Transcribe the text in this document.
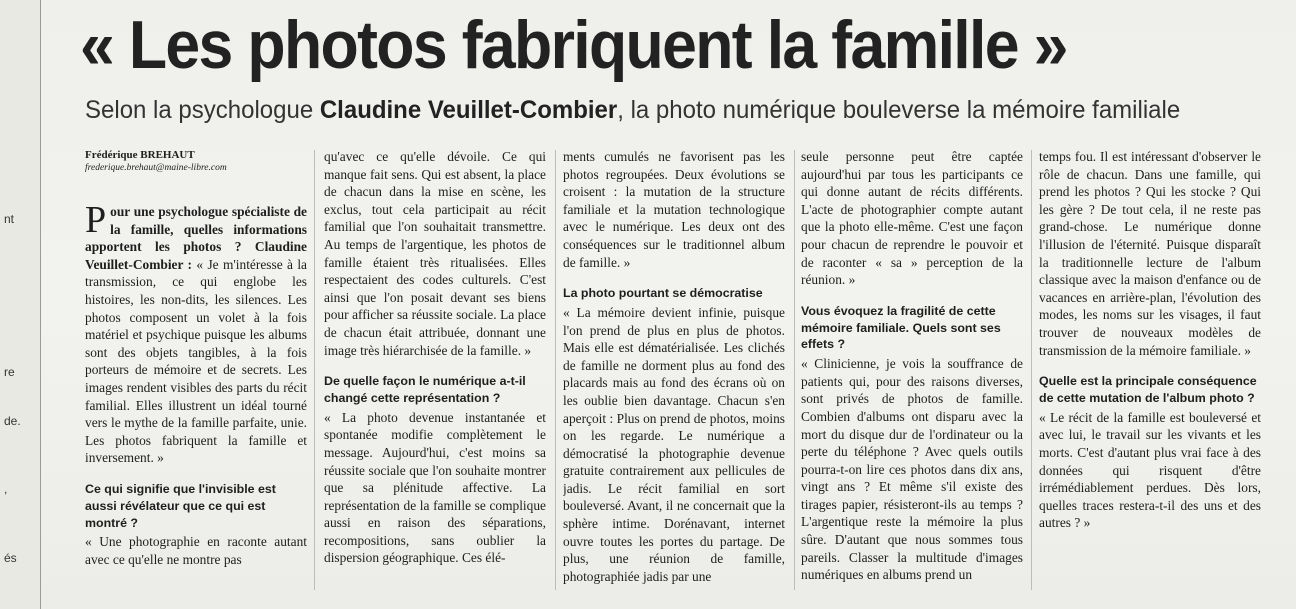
nt
re
de.
,
és
« Les photos fabriquent la famille »
Selon la psychologue Claudine Veuillet-Combier, la photo numérique bouleverse la mémoire familiale

Frédérique BREHAUT

frederique.brehaut@maine-libre.com

Pour une psychologue spécialiste de la famille, quelles informations apportent les photos ? Claudine Veuillet-Combier : « Je m'intéresse à la transmission, ce qui englobe les histoires, les non-dits, les silences. Les photos composent un volet à la fois matériel et psychique puisque les albums sont des objets tangibles, à la fois porteurs de mémoire et de secrets. Les images rendent visibles des parts du récit familial. Elles illustrent un idéal tourné vers le mythe de la famille parfaite, unie. Les photos fabriquent la famille et inversement. »

Ce qui signifie que l'invisible est aussi révélateur que ce qui est montré ?

« Une photographie en raconte autant avec ce qu'elle ne montre pas

qu'avec ce qu'elle dévoile. Ce qui manque fait sens. Qui est absent, la place de chacun dans la mise en scène, les exclus, tout cela participait au récit familial que l'on souhaitait transmettre. Au temps de l'argentique, les photos de famille étaient très ritualisées. Elles respectaient des codes culturels. C'est ainsi que l'on posait devant ses biens pour afficher sa réussite sociale. La place de chacun était attribuée, donnant une image très hiérarchisée de la famille. »

De quelle façon le numérique a-t-il changé cette représentation ?

« La photo devenue instantanée et spontanée modifie complètement le message. Aujourd'hui, c'est moins sa réussite sociale que l'on souhaite montrer que sa plénitude affective. La représentation de la famille se complique aussi en raison des séparations, recompositions, sans oublier la dispersion géographique. Ces élé-

ments cumulés ne favorisent pas les photos regroupées. Deux évolutions se croisent : la mutation de la structure familiale et la mutation technologique avec le numérique. Les deux ont des conséquences sur le traditionnel album de famille. »

La photo pourtant se démocratise

« La mémoire devient infinie, puisque l'on prend de plus en plus de photos. Mais elle est dématérialisée. Les clichés de famille ne dorment plus au fond des placards mais au fond des écrans où on les oublie bien davantage. Chacun s'en aperçoit : Plus on prend de photos, moins on les regarde. Le numérique a démocratisé la photographie devenue gratuite contrairement aux pellicules de jadis. Le récit familial en sort bouleversé. Avant, il ne concernait que la sphère intime. Dorénavant, internet ouvre toutes les portes du partage. De plus, une réunion de famille, photographiée jadis par une

seule personne peut être captée aujourd'hui par tous les participants ce qui donne autant de récits différents. L'acte de photographier compte autant que la photo elle-même. C'est une façon pour chacun de reprendre le pouvoir et de raconter « sa » perception de la réunion. »

Vous évoquez la fragilité de cette mémoire familiale. Quels sont ses effets ?

« Clinicienne, je vois la souffrance de patients qui, pour des raisons diverses, sont privés de photos de famille. Combien d'albums ont disparu avec la mort du disque dur de l'ordinateur ou la perte du téléphone ? Avec quels outils pourra-t-on lire ces photos dans dix ans, vingt ans ? Et même s'il existe des tirages papier, résisteront-ils au temps ? L'argentique reste la mémoire la plus sûre. D'autant que nous sommes tous pareils. Classer la multitude d'images numériques en albums prend un

temps fou. Il est intéressant d'observer le rôle de chacun. Dans une famille, qui prend les photos ? Qui les stocke ? Qui les gère ? De tout cela, il ne reste pas grand-chose. Le numérique donne l'illusion de l'éternité. Puisque disparaît la traditionnelle lecture de l'album classique avec la maison d'enfance ou de vacances en arrière-plan, l'évolution des modes, les noms sur les visages, il faut trouver de nouveaux modèles de transmission de la mémoire familiale. »

Quelle est la principale conséquence de cette mutation de l'album photo ?

« Le récit de la famille est bouleversé et avec lui, le travail sur les vivants et les morts. C'est d'autant plus vrai face à des données qui risquent d'être irrémédiablement perdues. Dès lors, quelles traces restera-t-il des uns et des autres ? »
